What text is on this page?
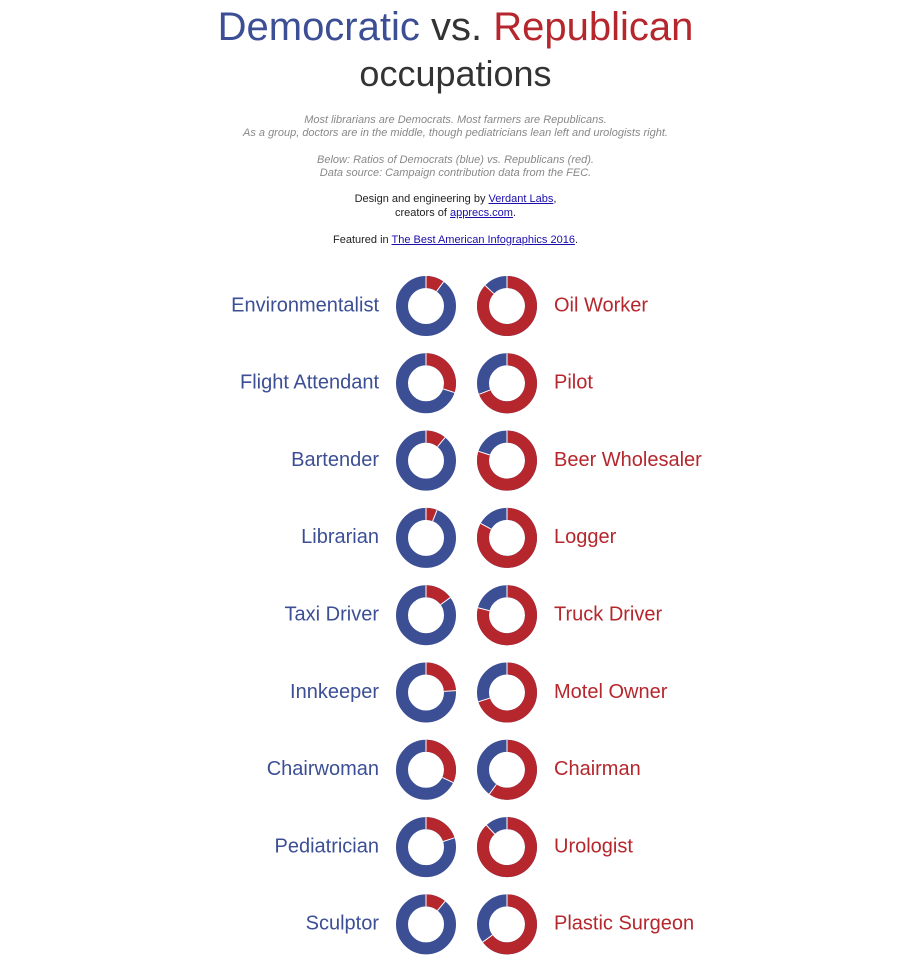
Democratic vs. Republican
occupations
Most librarians are Democrats. Most farmers are Republicans.
As a group, doctors are in the middle, though pediatricians lean left and urologists right.
Below: Ratios of Democrats (blue) vs. Republicans (red).
Data source: Campaign contribution data from the FEC.
Design and engineering by Verdant Labs,
creators of apprecs.com.
Featured in The Best American Infographics 2016.
Environmentalist
Flight Attendant
Bartender
Librarian
Taxi Driver
Innkeeper
Chairwoman
Pediatrician
Sculptor
Oil Worker
Pilot
Beer Wholesaler
Logger
Truck Driver
Motel Owner
Chairman
Urologist
Plastic Surgeon
